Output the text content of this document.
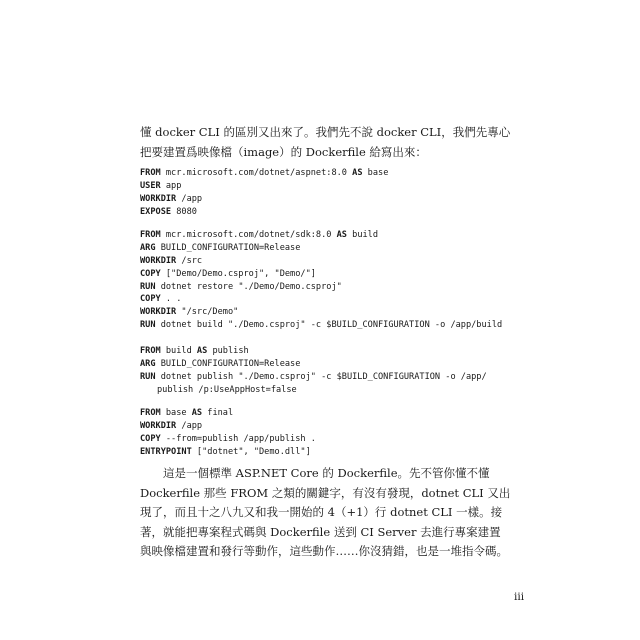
懂 docker CLI 的區別又出來了。我們先不說 docker CLI，我們先專心把要建置爲映像檔（image）的 Dockerfile 給寫出來：

FROM mcr.microsoft.com/dotnet/aspnet:8.0 AS base
USER app
WORKDIR /app
EXPOSE 8080
FROM mcr.microsoft.com/dotnet/sdk:8.0 AS build
ARG BUILD_CONFIGURATION=Release
WORKDIR /src
COPY ["Demo/Demo.csproj", "Demo/"]
RUN dotnet restore "./Demo/Demo.csproj"
COPY . .
WORKDIR "/src/Demo"
RUN dotnet build "./Demo.csproj" -c $BUILD_CONFIGURATION -o /app/build
FROM build AS publish
ARG BUILD_CONFIGURATION=Release
RUN dotnet publish "./Demo.csproj" -c $BUILD_CONFIGURATION -o /app/
publish /p:UseAppHost=false
FROM base AS final
WORKDIR /app
COPY --from=publish /app/publish .
ENTRYPOINT ["dotnet", "Demo.dll"]

　　這是一個標準 ASP.NET Core 的 Dockerfile。先不管你懂不懂 Dockerfile 那些 FROM 之類的關鍵字，有沒有發現，dotnet CLI 又出現了，而且十之八九又和我一開始的 4（+1）行 dotnet CLI 一樣。接著，就能把專案程式碼與 Dockerfile 送到 CI Server 去進行專案建置與映像檔建置和發行等動作，這些動作……你沒猜錯，也是一堆指令碼。

iii
